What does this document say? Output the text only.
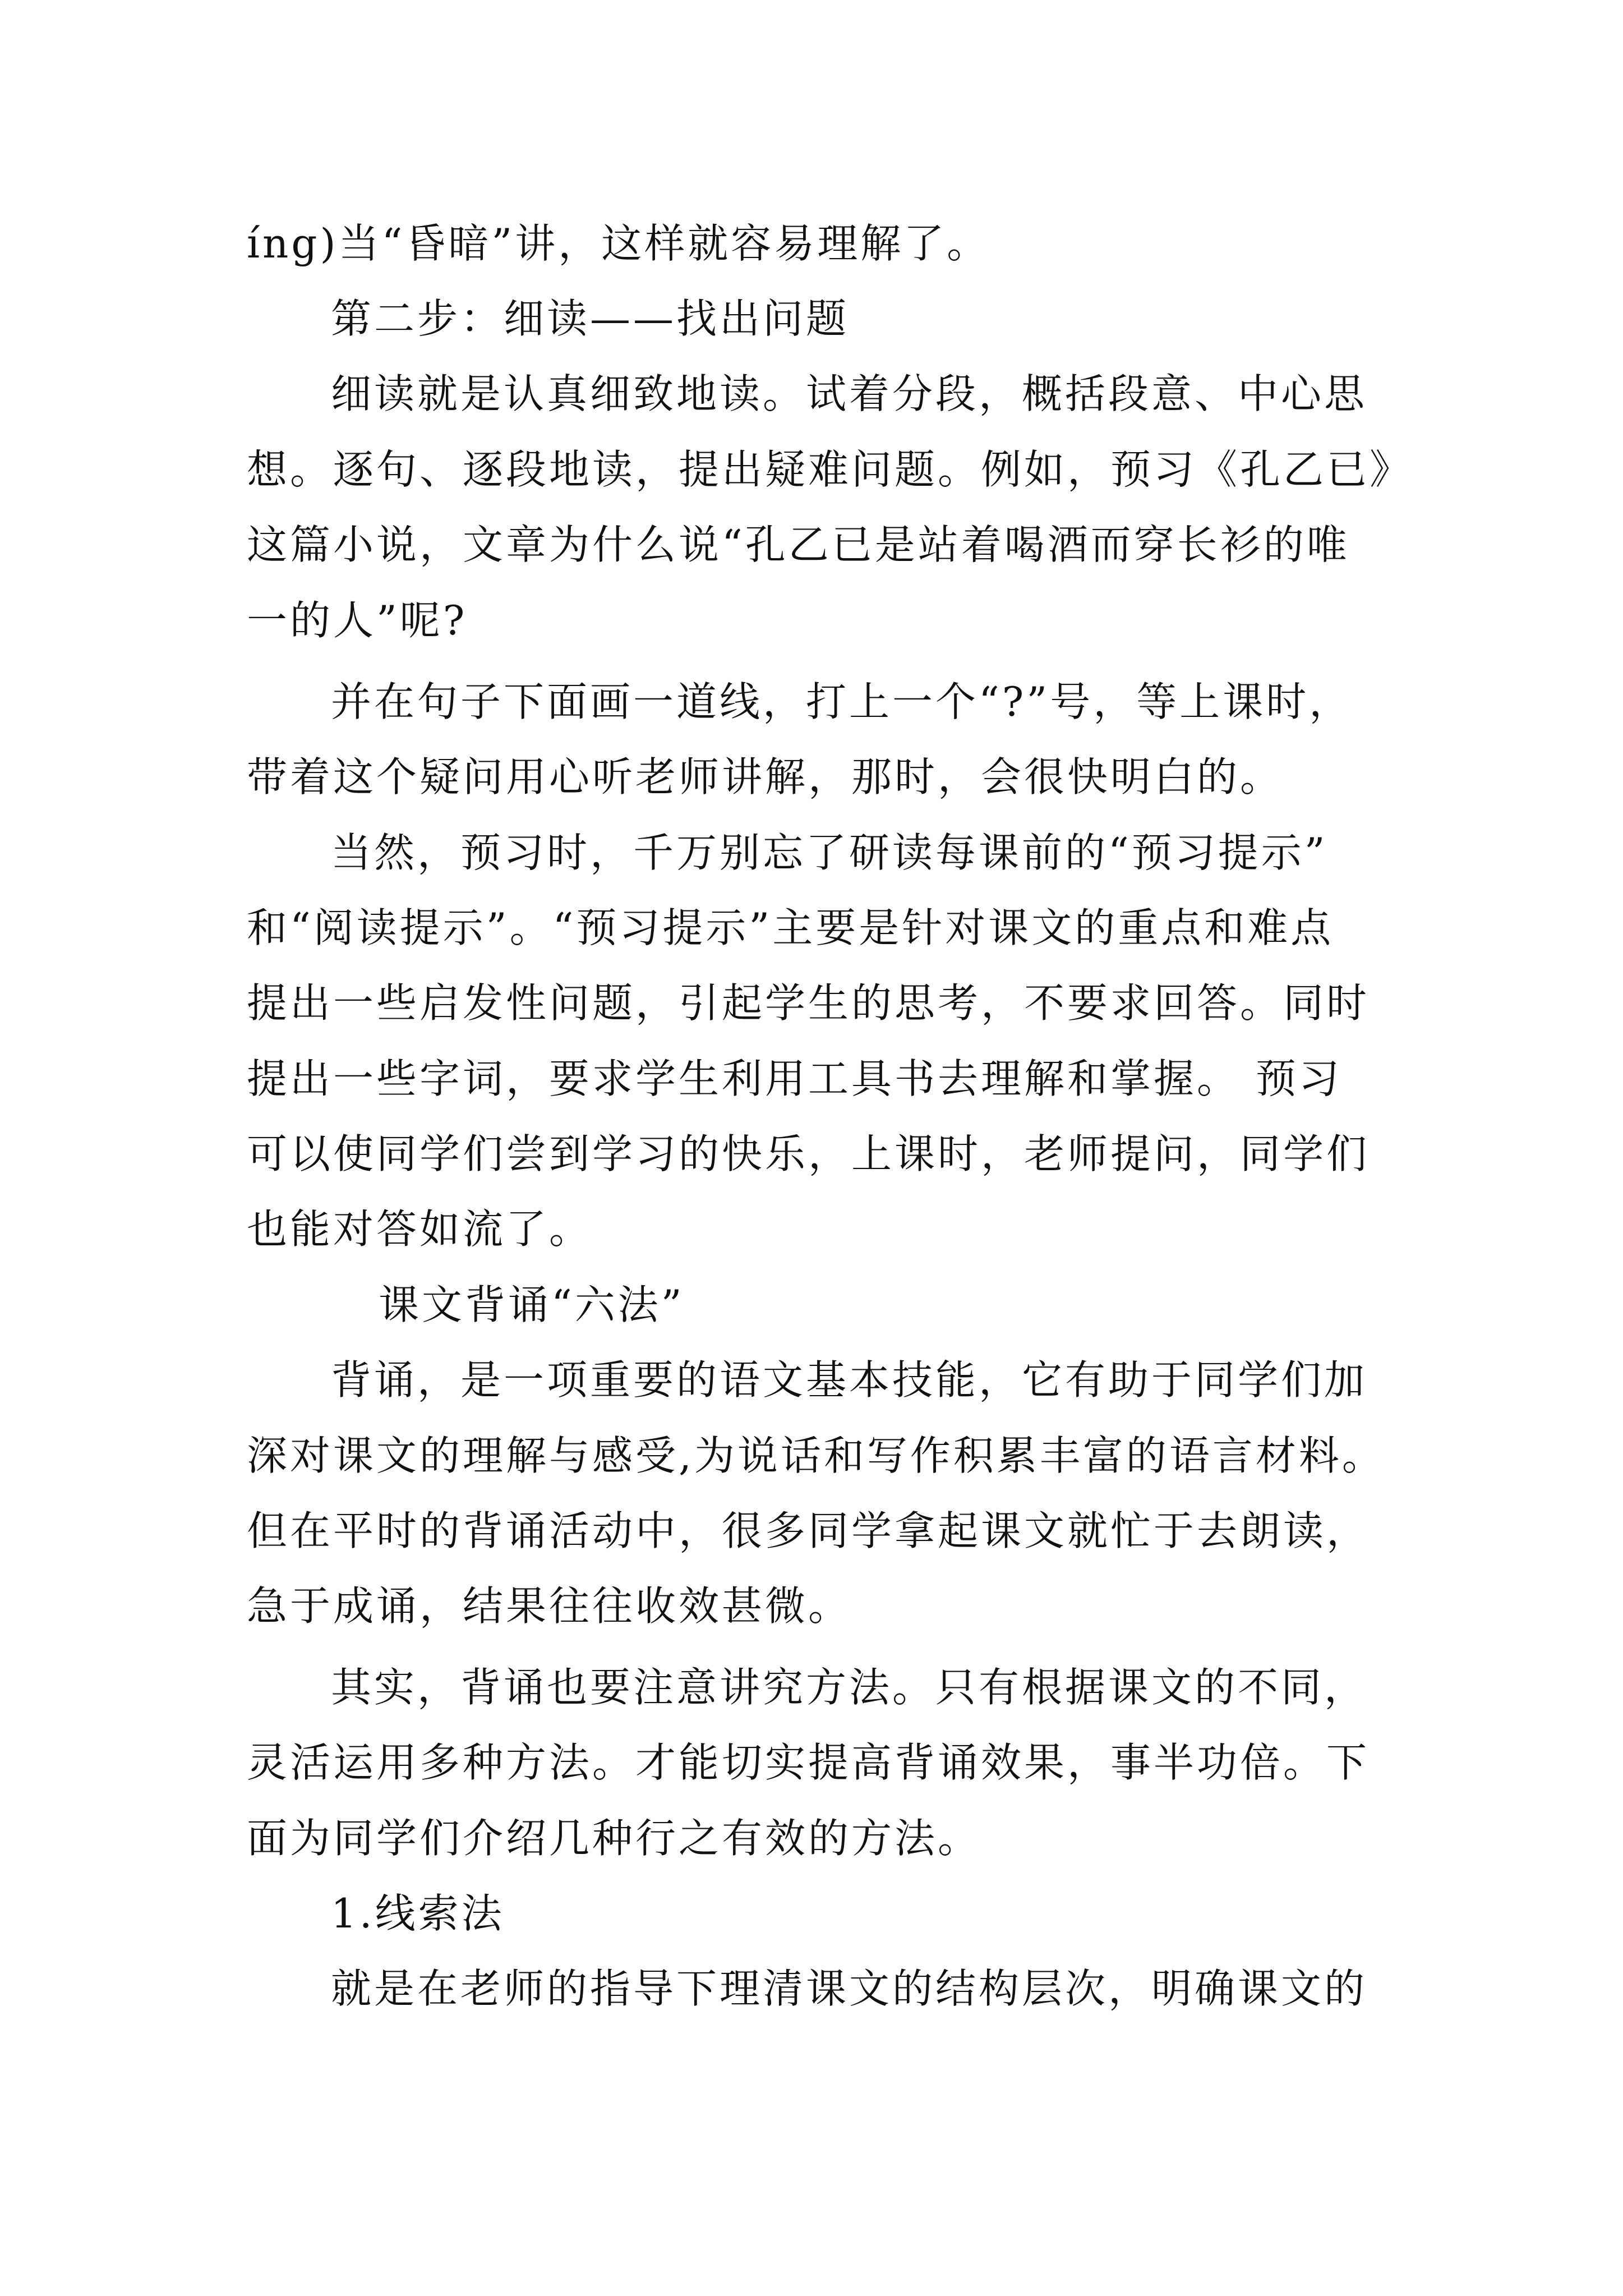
íng)当“昏暗”讲，这样就容易理解了。
第二步：细读——找出问题
细读就是认真细致地读。试着分段，概括段意、中心思
想。逐句、逐段地读，提出疑难问题。例如，预习《孔乙已》
这篇小说，文章为什么说“孔乙已是站着喝酒而穿长衫的唯
一的人”呢?
并在句子下面画一道线，打上一个“?”号，等上课时，
带着这个疑问用心听老师讲解，那时，会很快明白的。
当然，预习时，千万别忘了研读每课前的“预习提示”
和“阅读提示”。“预习提示”主要是针对课文的重点和难点
提出一些启发性问题，引起学生的思考，不要求回答。同时
提出一些字词，要求学生利用工具书去理解和掌握。 预习
可以使同学们尝到学习的快乐，上课时，老师提问，同学们
也能对答如流了。
课文背诵“六法”
背诵，是一项重要的语文基本技能，它有助于同学们加
深对课文的理解与感受,为说话和写作积累丰富的语言材料。
但在平时的背诵活动中，很多同学拿起课文就忙于去朗读，
急于成诵，结果往往收效甚微。
其实，背诵也要注意讲究方法。只有根据课文的不同，
灵活运用多种方法。才能切实提高背诵效果，事半功倍。下
面为同学们介绍几种行之有效的方法。
1.线索法
就是在老师的指导下理清课文的结构层次，明确课文的
